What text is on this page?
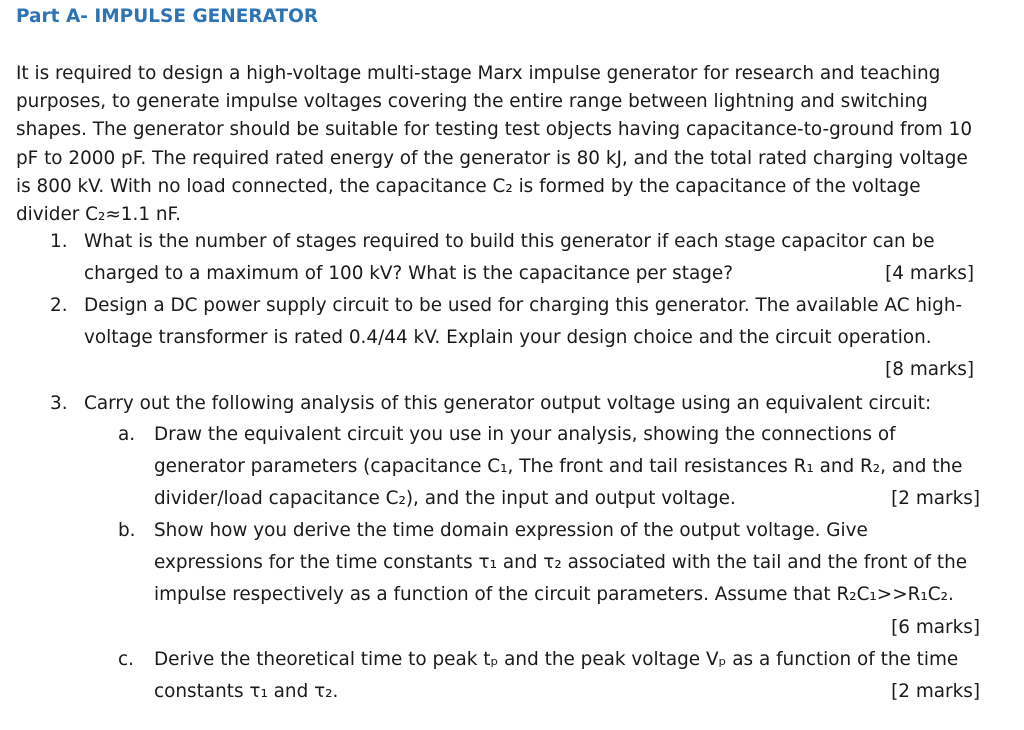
Part A- IMPULSE GENERATOR

It is required to design a high-voltage multi-stage Marx impulse generator for research and teaching
purposes, to generate impulse voltages covering the entire range between lightning and switching
shapes. The generator should be suitable for testing test objects having capacitance-to-ground from 10
pF to 2000 pF. The required rated energy of the generator is 80 kJ, and the total rated charging voltage
is 800 kV. With no load connected, the capacitance C₂ is formed by the capacitance of the voltage
divider C₂≈1.1 nF.

1. What is the number of stages required to build this generator if each stage capacitor can be
charged to a maximum of 100 kV? What is the capacitance per stage?	[4 marks]
2. Design a DC power supply circuit to be used for charging this generator. The available AC high-
voltage transformer is rated 0.4/44 kV. Explain your design choice and the circuit operation.
[8 marks]
3. Carry out the following analysis of this generator output voltage using an equivalent circuit:
a. Draw the equivalent circuit you use in your analysis, showing the connections of
generator parameters (capacitance C₁, The front and tail resistances R₁ and R₂, and the
divider/load capacitance C₂), and the input and output voltage.	[2 marks]
b. Show how you derive the time domain expression of the output voltage. Give
expressions for the time constants τ₁ and τ₂ associated with the tail and the front of the
impulse respectively as a function of the circuit parameters. Assume that R₂C₁>>R₁C₂.
[6 marks]
c. Derive the theoretical time to peak tₚ and the peak voltage Vₚ as a function of the time
constants τ₁ and τ₂.	[2 marks]
